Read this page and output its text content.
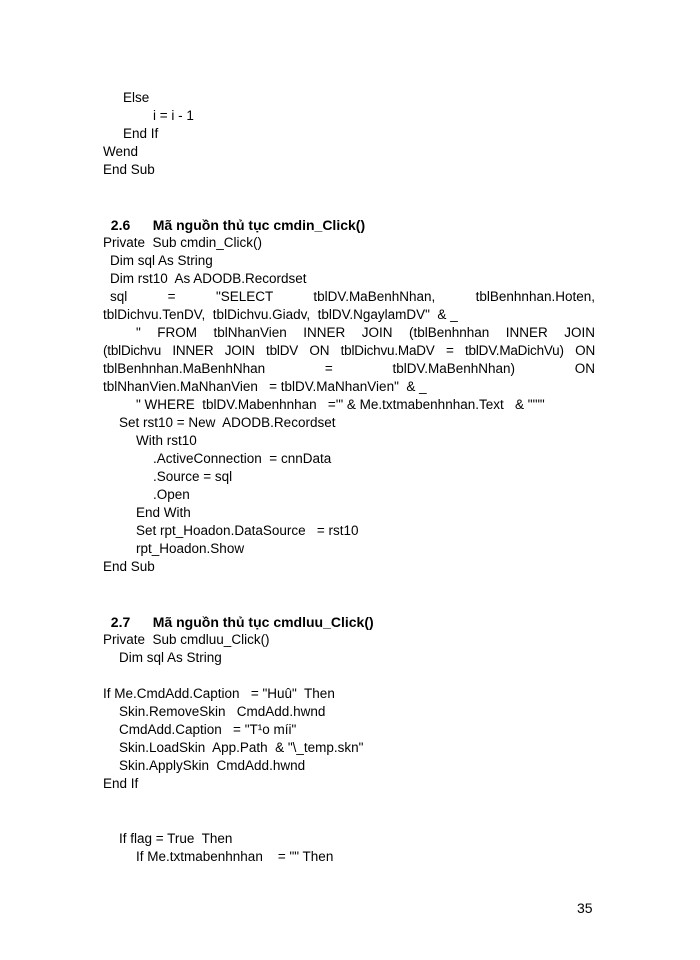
Else
i = i - 1
End If
Wend
End Sub

2.6 Mã nguồn thủ tục cmdin_Click()

Private  Sub cmdin_Click()
Dim sql As String
Dim rst10  As ADODB.Recordset
sql = "SELECT tblDV.MaBenhNhan, tblBenhnhan.Hoten,
tblDichvu.TenDV,  tblDichvu.Giadv,  tblDV.NgaylamDV"  & _
" FROM tblNhanVien INNER JOIN (tblBenhnhan INNER JOIN
(tblDichvu INNER JOIN tblDV ON tblDichvu.MaDV = tblDV.MaDichVu) ON
tblBenhnhan.MaBenhNhan = tblDV.MaBenhNhan) ON
tblNhanVien.MaNhanVien   = tblDV.MaNhanVien"  & _
" WHERE  tblDV.Mabenhnhan   ='" & Me.txtmabenhnhan.Text   & "'""
Set rst10 = New  ADODB.Recordset
With rst10
.ActiveConnection  = cnnData
.Source = sql
.Open
End With
Set rpt_Hoadon.DataSource   = rst10
rpt_Hoadon.Show
End Sub

2.7 Mã nguồn thủ tục cmdluu_Click()

Private  Sub cmdluu_Click()
Dim sql As String
If Me.CmdAdd.Caption   = "Huû"  Then
Skin.RemoveSkin   CmdAdd.hwnd
CmdAdd.Caption   = "T¹o míi"
Skin.LoadSkin  App.Path  & "\_temp.skn"
Skin.ApplySkin  CmdAdd.hwnd
End If
If flag = True  Then
If Me.txtmabenhnhan    = "" Then
35
